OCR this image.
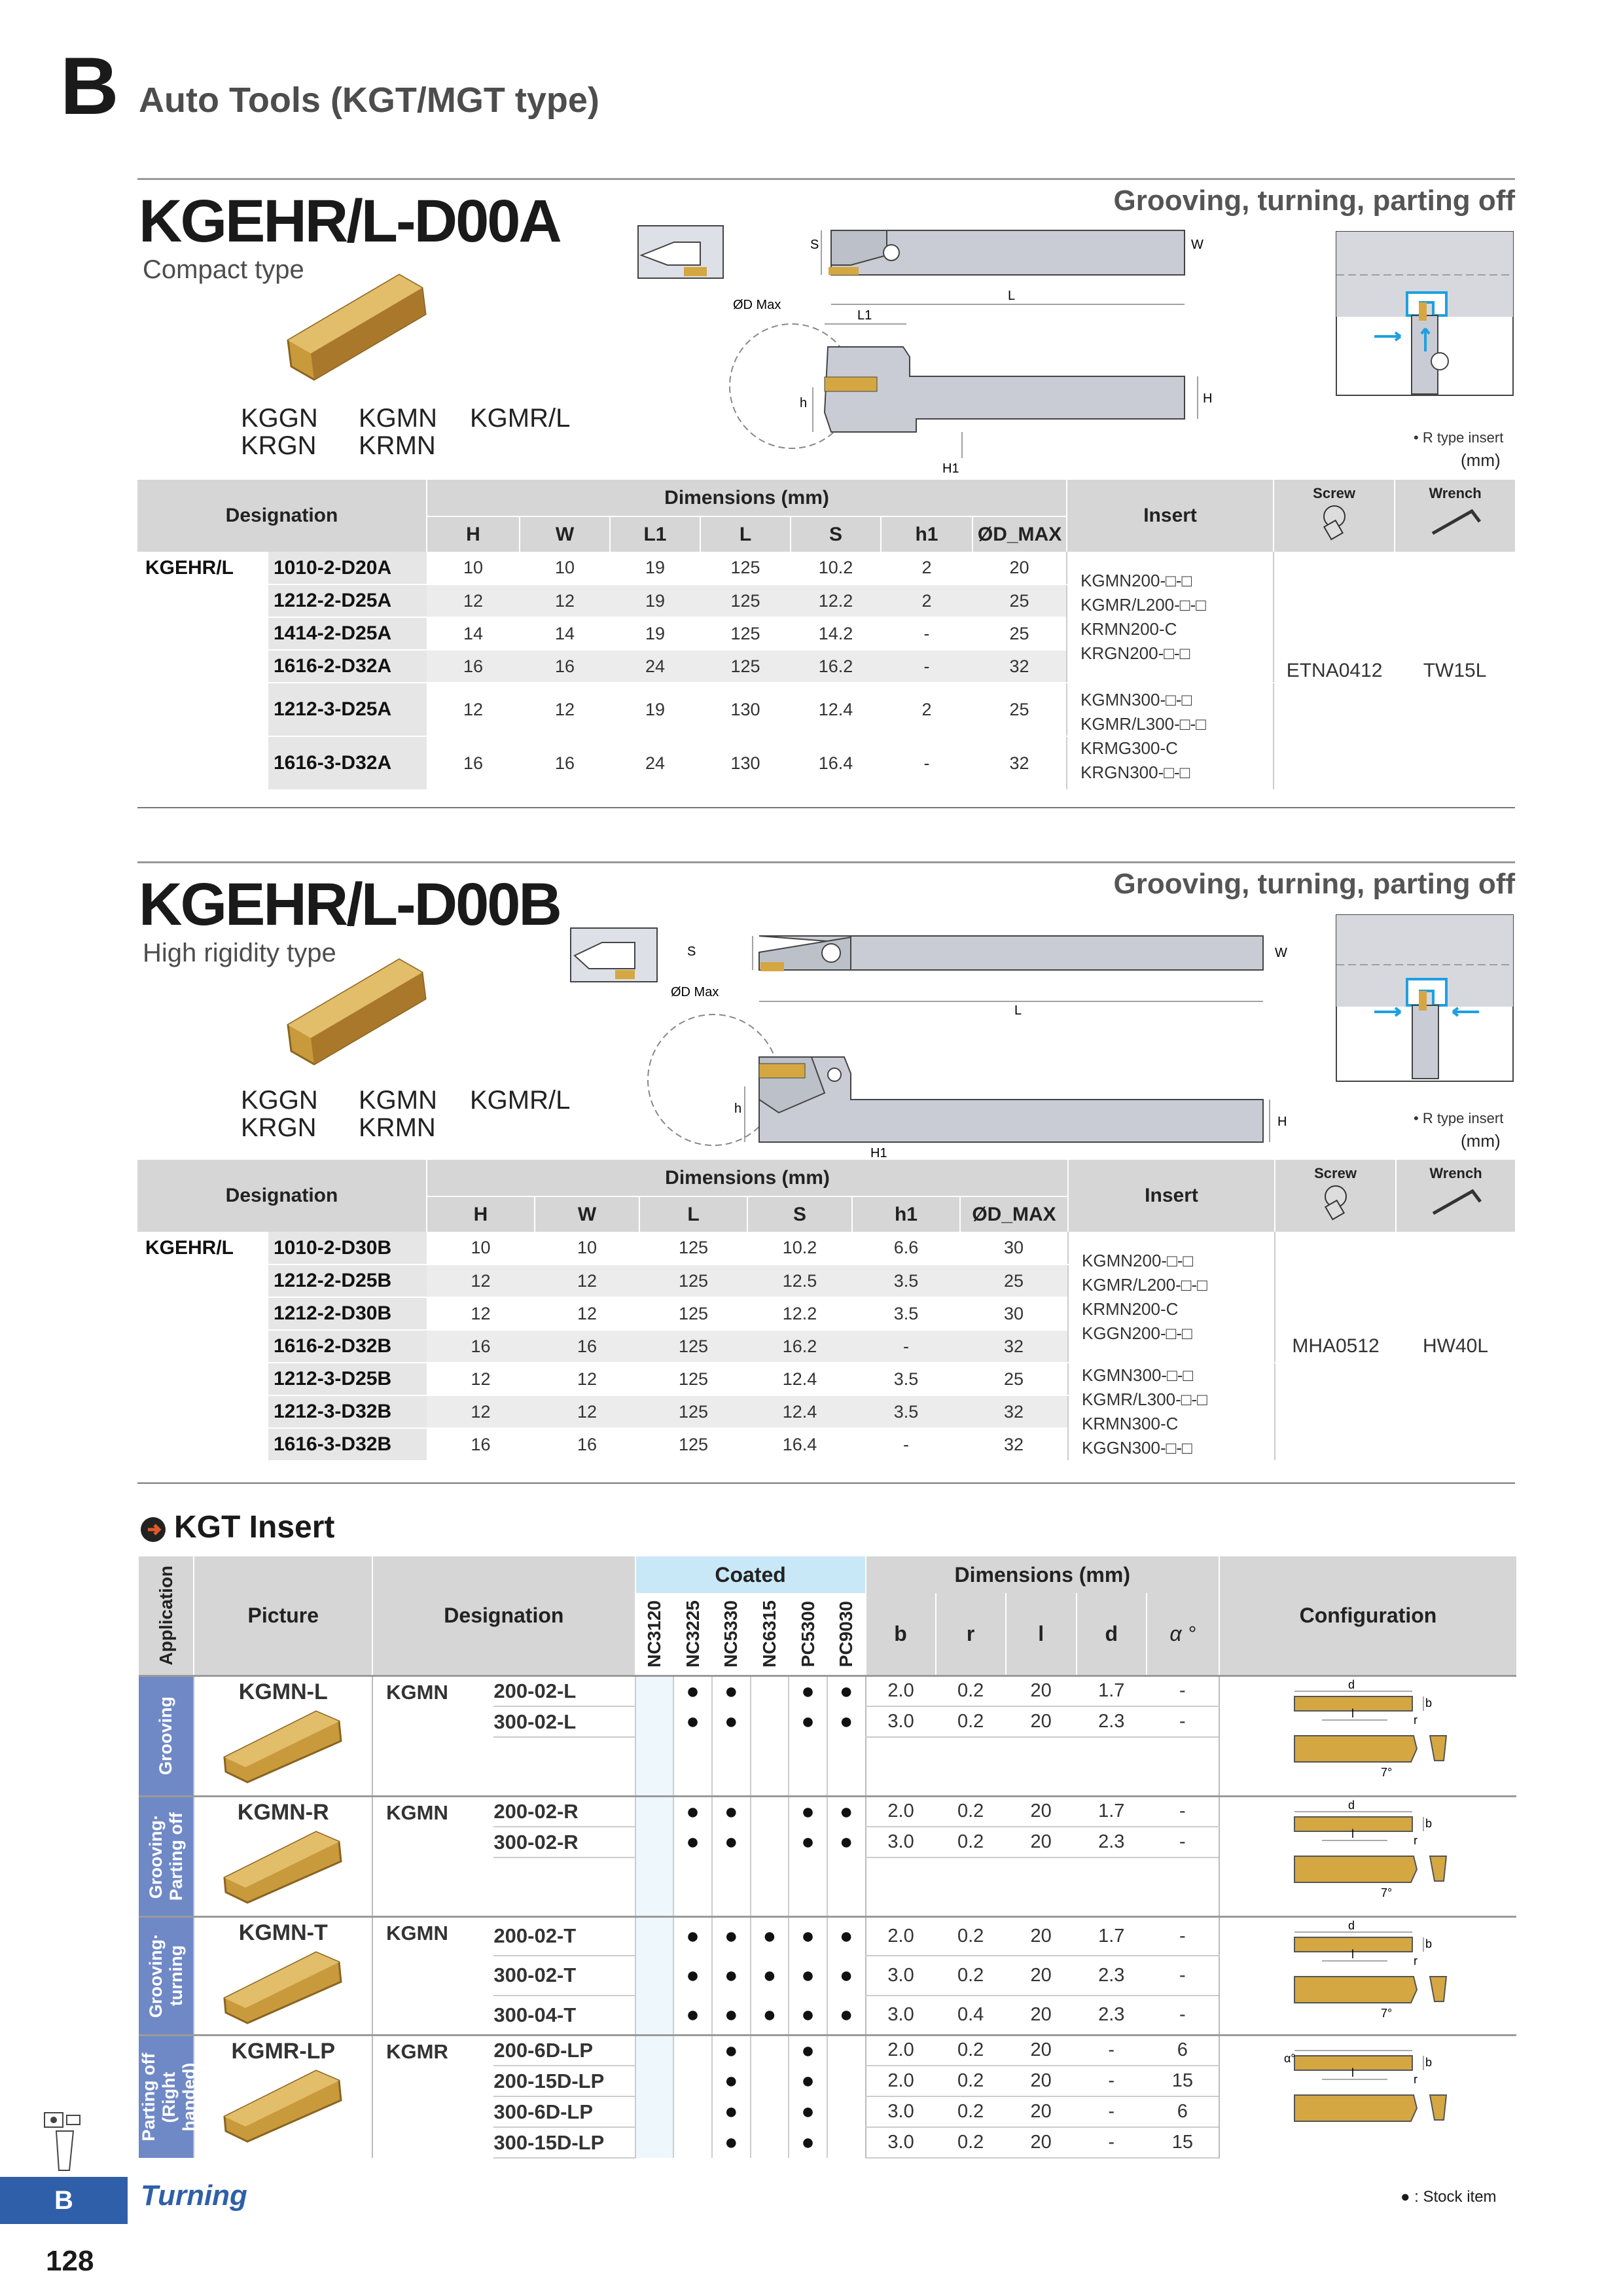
B Auto Tools (KGT/MGT type)
KGEHR/L-D00A
Compact type
Grooving, turning, parting off
KGGN KGMN KGMR/L
KRGN KRMN
S	W
L
ØD Max
L1
h	H
H1
• R type insert
(mm)
Designation		Dimensions (mm)							Insert	Screw	Wrench

		H	W	L1	L	S	h1	ØD_MAX			
KGEHR/L	1010-2-D20A	10	10	19	125	10.2	2	20	KGMN200-□-□
KGMR/L200-□-□
KRMN200-C
KRGN200-□-□	ETNA0412	TW15L
	1212-2-D25A	12	12	19	125	12.2	2	25			
	1414-2-D25A	14	14	19	125	14.2	-	25			
	1616-2-D32A	16	16	24	125	16.2	-	32			
	1212-3-D25A	12	12	19	130	12.4	2	25	KGMN300-□-□
KGMR/L300-□-□
KRMG300-C
KRGN300-□-□		

	1616-3-D32A	16	16	24	130	16.4	-	32			
KGEHR/L-D00B
High rigidity type
Grooving, turning, parting off
KGGN KGMN KGMR/L
KRGN KRMN
S	W
ØD Max
L
h
H
H1
• R type insert
(mm)
Designation		Dimensions (mm)						Insert	Screw	Wrench

		H	W	L	S	h1	ØD_MAX			
KGEHR/L	1010-2-D30B	10	10	125	10.2	6.6	30	KGMN200-□-□
KGMR/L200-□-□
KRMN200-C
KGGN200-□-□	MHA0512	HW40L
	1212-2-D25B	12	12	125	12.5	3.5	25			
	1212-2-D30B	12	12	125	12.2	3.5	30			
	1616-2-D32B	16	16	125	16.2	-	32			
	1212-3-D25B	12	12	125	12.4	3.5	25	KGMN300-□-□
KGMR/L300-□-□
KRMN300-C
KGGN300-□-□		

	1212-3-D32B	12	12	125	12.4	3.5	32			
	1616-3-D32B	16	16	125	16.4	-	32			
KGT Insert
Application	Picture	Designation		Coated						Dimensions (mm)					Configuration

				NC3120	NC3225	NC5330	NC6315	PC5300	PC9030	b	r	l	d	α °	

Grooving	KGMN-L	KGMN	200-02-L		●	●		●	●	2.0	0.2	20	1.7	-	d
b
l r
7°

			300-02-L		●	●		●	●	3.0	0.2	20	2.3	-	

Grooving·
Parting off	KGMN-R	KGMN	200-02-R		●	●		●	●	2.0	0.2	20	1.7	-	d
b
l r
7°

			300-02-R		●	●		●	●	3.0	0.2	20	2.3	-	

Grooving·
turning	KGMN-T	KGMN	200-02-T		●	●	●	●	●	2.0	0.2	20	1.7	-	d
b
l r
7°

			300-02-T		●	●	●	●	●	3.0	0.2	20	2.3	-	
			300-04-T		●	●	●	●	●	3.0	0.4	20	2.3	-	

Parting off
(Right handed)	KGMR-LP	KGMR	200-6D-LP			●		●		2.0	0.2	20	-	6	α° b
l r

			200-15D-LP			●		●		2.0	0.2	20	-	15	
			300-6D-LP			●		●		3.0	0.2	20	-	6	
			300-15D-LP			●		●		3.0	0.2	20	-	15	
● : Stock item
B	Turning
128
